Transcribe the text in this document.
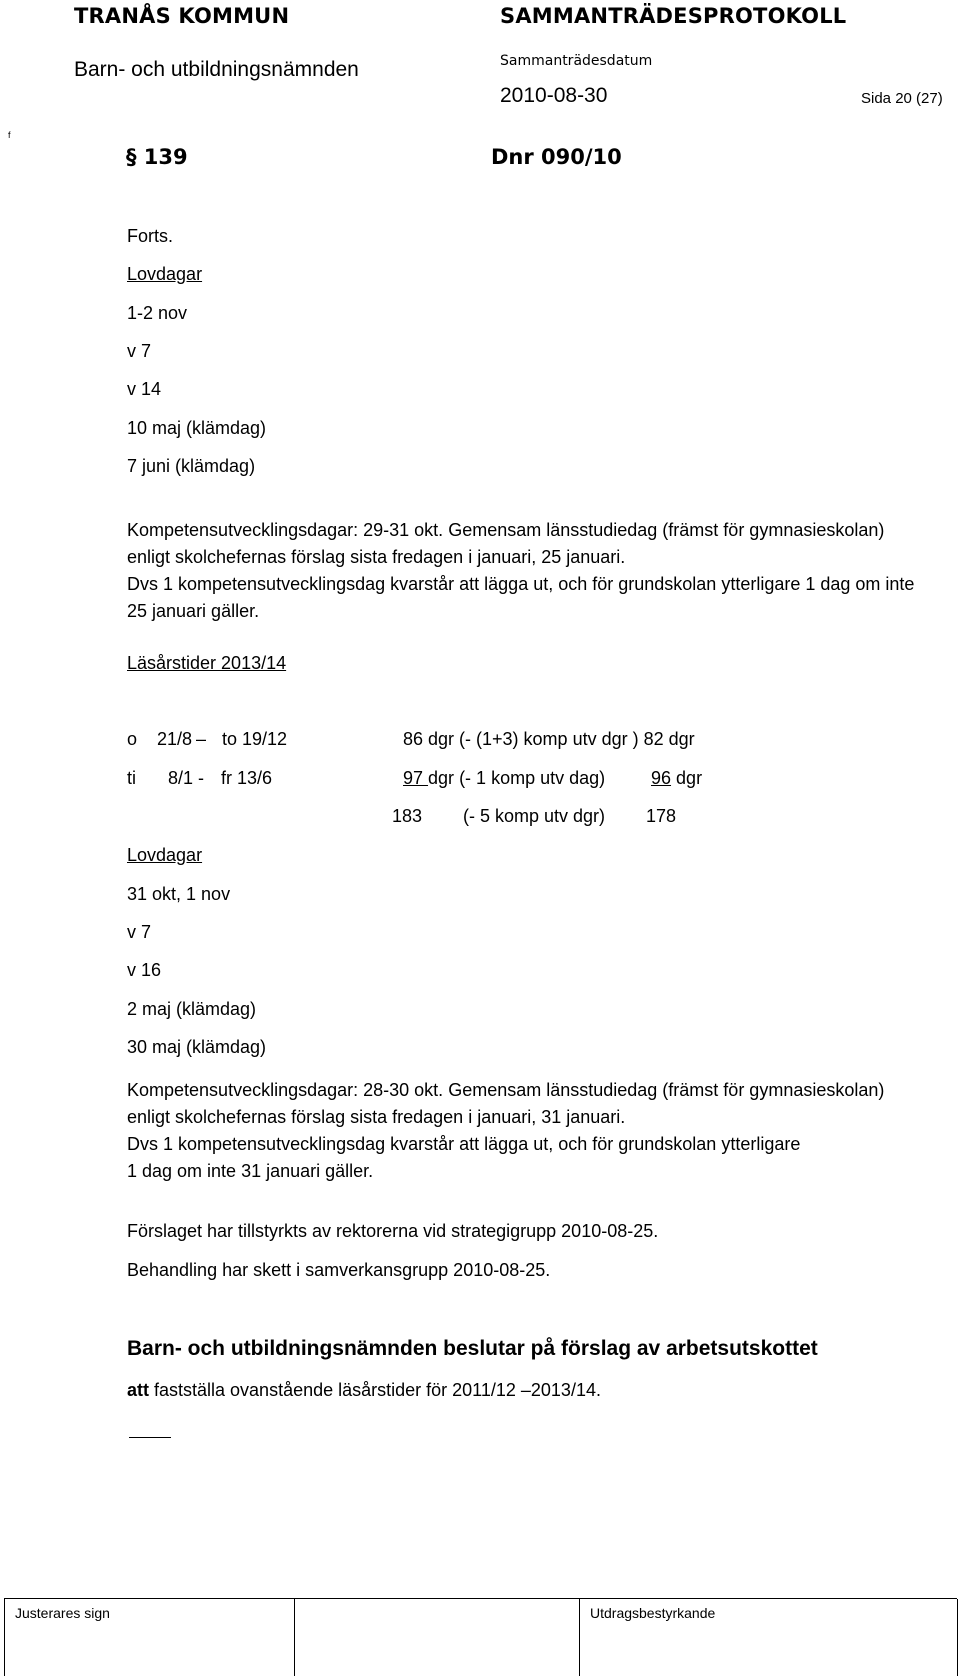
TRANÅS KOMMUN
Barn- och utbildningsnämnden
SAMMANTRÄDESPROTOKOLL
Sammanträdesdatum
2010-08-30	Sida 20 (27)
f
§ 139	Dnr 090/10
Forts.
Lovdagar
1-2 nov
v 7
v 14
10 maj (klämdag)
7 juni (klämdag)
Kompetensutvecklingsdagar: 29-31 okt. Gemensam länsstudiedag (främst för gymnasieskolan)
enligt skolchefernas förslag sista fredagen i januari, 25 januari.
Dvs 1 kompetensutvecklingsdag kvarstår att lägga ut, och för grundskolan ytterligare 1 dag om inte
25 januari gäller.
Läsårstider 2013/14
o 21/8 – to 19/12	86 dgr (- (1+3) komp utv dgr ) 82 dgr
ti 8/1 - fr 13/6	97 dgr (- 1 komp utv dag)	96 dgr
183 (- 5 komp utv dgr) 178
Lovdagar
31 okt, 1 nov
v 7
v 16
2 maj (klämdag)
30 maj (klämdag)
Kompetensutvecklingsdagar: 28-30 okt. Gemensam länsstudiedag (främst för gymnasieskolan)
enligt skolchefernas förslag sista fredagen i januari, 31 januari.
Dvs 1 kompetensutvecklingsdag kvarstår att lägga ut, och för grundskolan ytterligare
1 dag om inte 31 januari gäller.
Förslaget har tillstyrkts av rektorerna vid strategigrupp 2010-08-25.
Behandling har skett i samverkansgrupp 2010-08-25.
Barn- och utbildningsnämnden beslutar på förslag av arbetsutskottet
att fastställa ovanstående läsårstider för 2011/12 –2013/14.
Justerares sign	Utdragsbestyrkande
